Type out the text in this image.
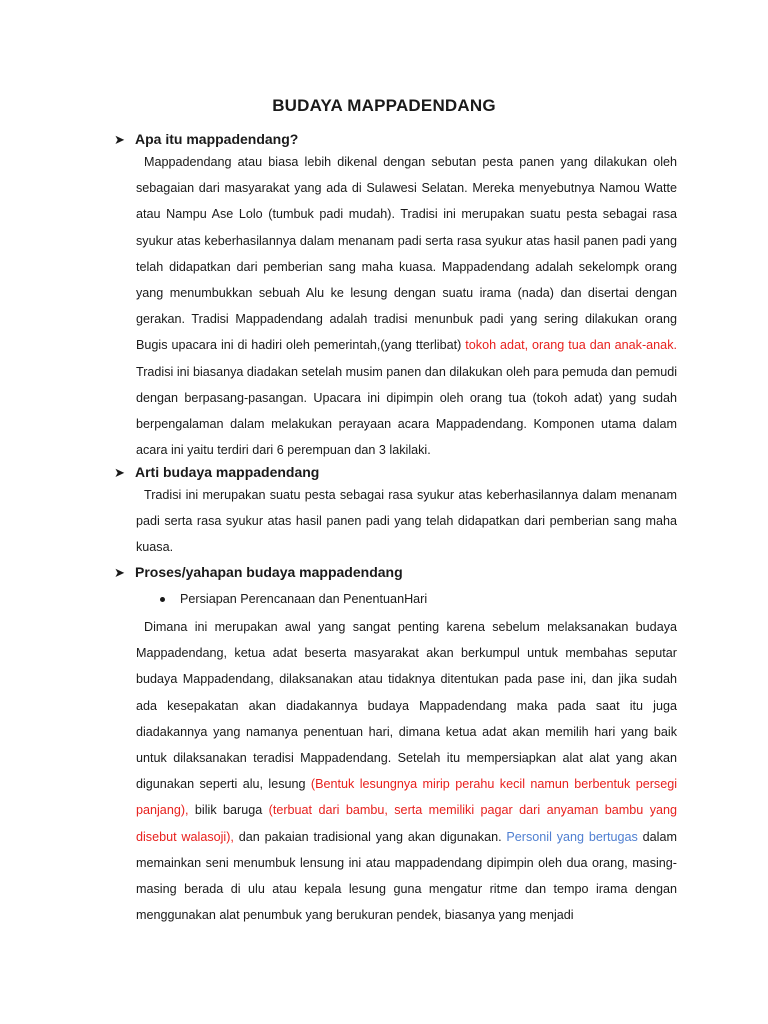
BUDAYA MAPPADENDANG
➤ Apa itu mappadendang?
Mappadendang atau biasa lebih dikenal dengan sebutan pesta panen yang dilakukan oleh sebagaian dari masyarakat yang ada di Sulawesi Selatan. Mereka menyebutnya Namou Watte atau Nampu Ase Lolo (tumbuk padi mudah). Tradisi ini merupakan suatu pesta sebagai rasa syukur atas keberhasilannya dalam menanam padi serta rasa syukur atas hasil panen padi yang telah didapatkan dari pemberian sang maha kuasa. Mappadendang adalah sekelompk orang yang menumbukkan sebuah Alu ke lesung dengan suatu irama (nada) dan disertai dengan gerakan. Tradisi Mappadendang adalah tradisi menunbuk padi yang sering dilakukan orang Bugis upacara ini di hadiri oleh pemerintah,(yang tterlibat) tokoh adat, orang tua dan anak-anak. Tradisi ini biasanya diadakan setelah musim panen dan dilakukan oleh para pemuda dan pemudi dengan berpasang-pasangan. Upacara ini dipimpin oleh orang tua (tokoh adat) yang sudah berpengalaman dalam melakukan perayaan acara Mappadendang. Komponen utama dalam acara ini yaitu terdiri dari 6 perempuan dan 3 lakilaki.
➤ Arti budaya mappadendang
Tradisi ini merupakan suatu pesta sebagai rasa syukur atas keberhasilannya dalam menanam padi serta rasa syukur atas hasil panen padi yang telah didapatkan dari pemberian sang maha kuasa.
➤ Proses/yahapan budaya mappadendang
Persiapan Perencanaan dan PenentuanHari
Dimana ini merupakan awal yang sangat penting karena sebelum melaksanakan budaya Mappadendang, ketua adat beserta masyarakat akan berkumpul untuk membahas seputar budaya Mappadendang, dilaksanakan atau tidaknya ditentukan pada pase ini, dan jika sudah ada kesepakatan akan diadakannya budaya Mappadendang maka pada saat itu juga diadakannya yang namanya penentuan hari, dimana ketua adat akan memilih hari yang baik untuk dilaksanakan teradisi Mappadendang. Setelah itu mempersiapkan alat alat yang akan digunakan seperti alu, lesung (Bentuk lesungnya mirip perahu kecil namun berbentuk persegi panjang), bilik baruga (terbuat dari bambu, serta memiliki pagar dari anyaman bambu yang disebut walasoji), dan pakaian tradisional yang akan digunakan. Personil yang bertugas dalam memainkan seni menumbuk lensung ini atau mappadendang dipimpin oleh dua orang, masing-masing berada di ulu atau kepala lesung guna mengatur ritme dan tempo irama dengan menggunakan alat penumbuk yang berukuran pendek, biasanya yang menjadi
